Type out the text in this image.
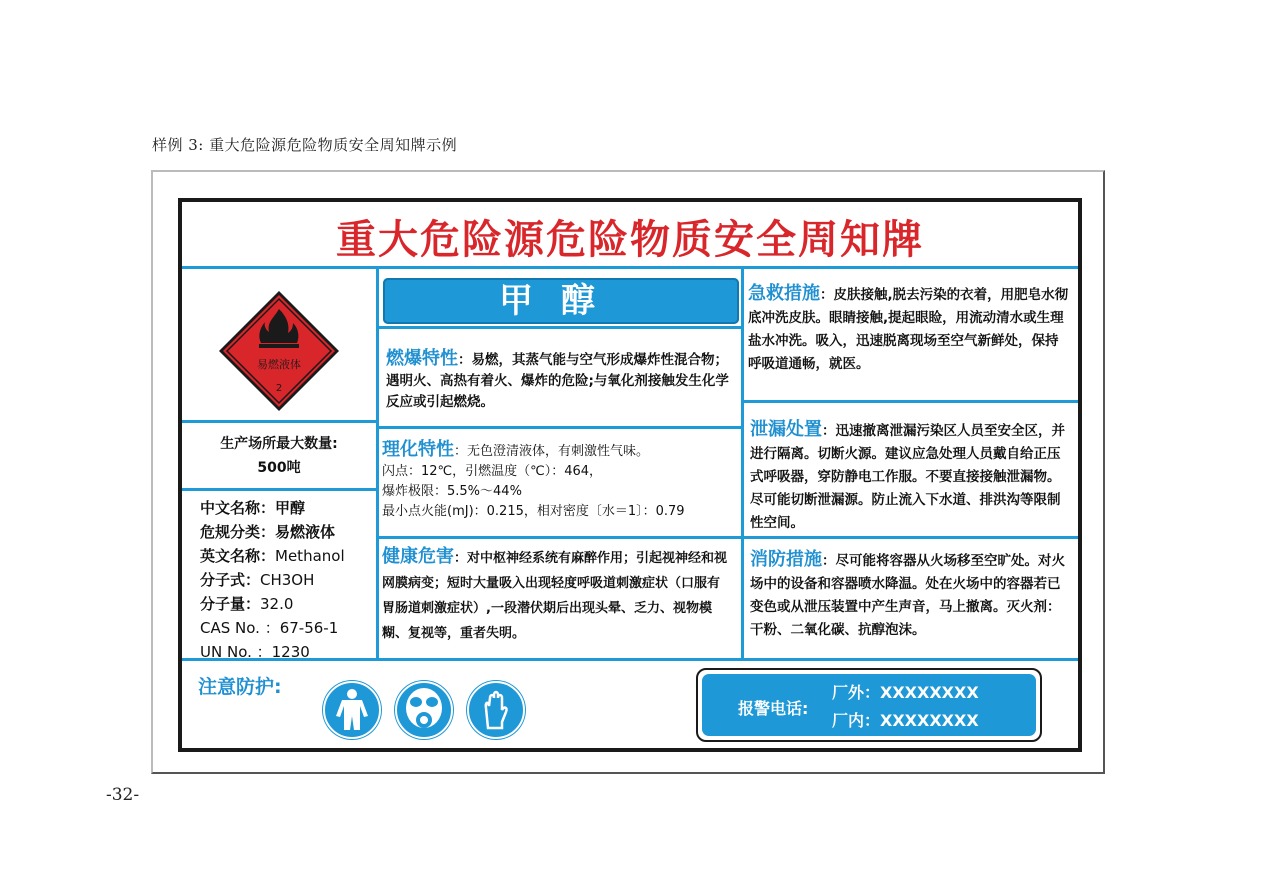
样例 3: 重大危险源危险物质安全周知牌示例
重大危险源危险物质安全周知牌
易燃液体
2
生产场所最大数量:
500吨
中文名称：甲醇
危规分类：易燃液体
英文名称：Methanol
分子式：CH3OH
分子量：32.0
CAS No. ：67-56-1
UN No. ：1230
甲醇
燃爆特性：易燃，其蒸气能与空气形成爆炸性混合物；遇明火、高热有着火、爆炸的危险;与氧化剂接触发生化学反应或引起燃烧。
理化特性：无色澄清液体，有刺激性气味。
闪点：12℃，引燃温度（℃）：464，
爆炸极限：5.5%～44%
最小点火能(mJ)：0.215，相对密度〔水＝1〕：0.79
健康危害：对中枢神经系统有麻醉作用；引起视神经和视网膜病变；短时大量吸入出现轻度呼吸道刺激症状（口服有胃肠道刺激症状）,一段潜伏期后出现头晕、乏力、视物模糊、复视等，重者失明。
急救措施：皮肤接触,脱去污染的衣着，用肥皂水彻底冲洗皮肤。眼睛接触,提起眼睑，用流动清水或生理盐水冲洗。吸入，迅速脱离现场至空气新鲜处，保持呼吸道通畅，就医。
泄漏处置：迅速撤离泄漏污染区人员至安全区，并进行隔离。切断火源。建议应急处理人员戴自给正压式呼吸器，穿防静电工作服。不要直接接触泄漏物。尽可能切断泄漏源。防止流入下水道、排洪沟等限制性空间。
消防措施：尽可能将容器从火场移至空旷处。对火场中的设备和容器喷水降温。处在火场中的容器若已变色或从泄压装置中产生声音，马上撤离。灭火剂：干粉、二氧化碳、抗醇泡沫。
注意防护:
报警电话:
厂外：XXXXXXXX
厂内：XXXXXXXX
-32-
